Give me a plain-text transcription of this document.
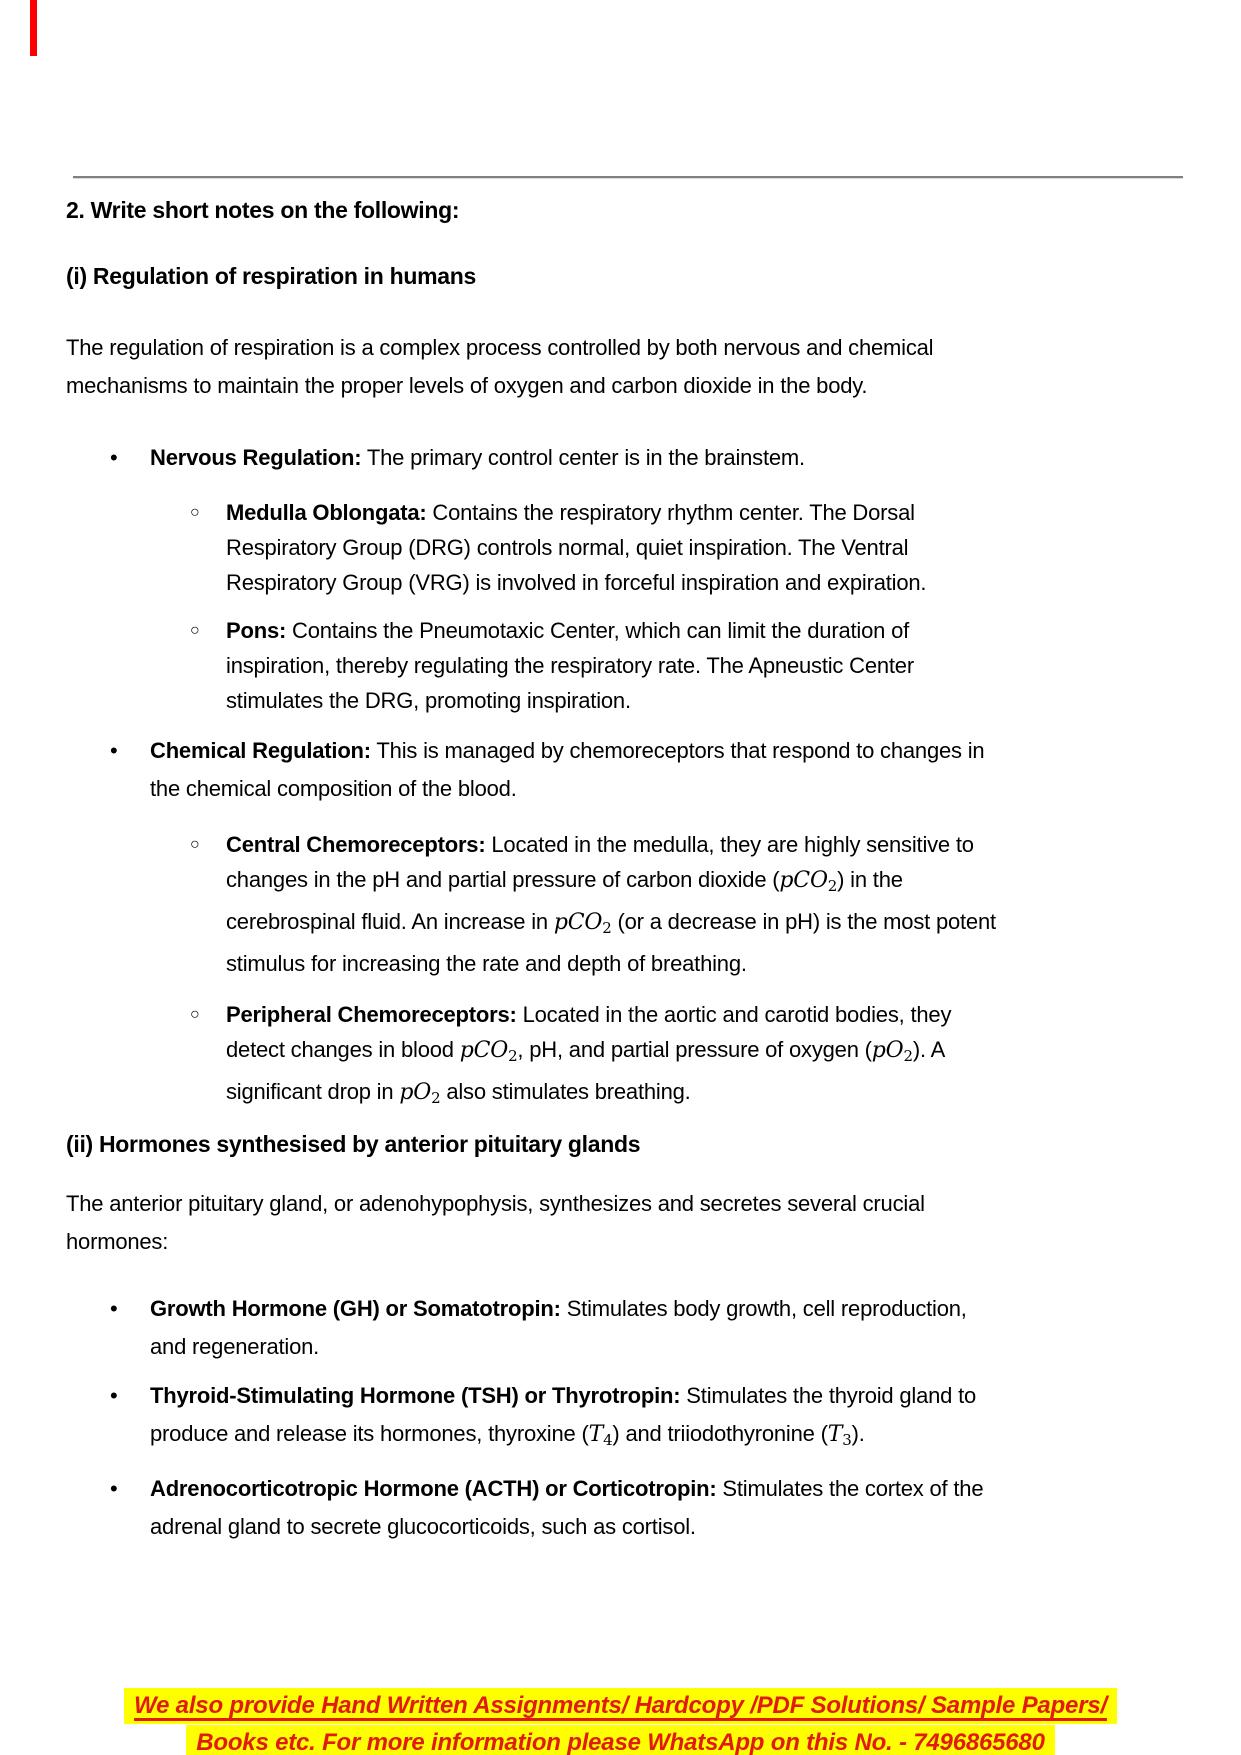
2. Write short notes on the following:
(i) Regulation of respiration in humans
The regulation of respiration is a complex process controlled by both nervous and chemical
mechanisms to maintain the proper levels of oxygen and carbon dioxide in the body.
•	Nervous Regulation: The primary control center is in the brainstem.
○	Medulla Oblongata: Contains the respiratory rhythm center. The Dorsal
Respiratory Group (DRG) controls normal, quiet inspiration. The Ventral
Respiratory Group (VRG) is involved in forceful inspiration and expiration.
○	Pons: Contains the Pneumotaxic Center, which can limit the duration of
inspiration, thereby regulating the respiratory rate. The Apneustic Center
stimulates the DRG, promoting inspiration.
•	Chemical Regulation: This is managed by chemoreceptors that respond to changes in
the chemical composition of the blood.
○	Central Chemoreceptors: Located in the medulla, they are highly sensitive to
changes in the pH and partial pressure of carbon dioxide (pCO2) in the
cerebrospinal fluid. An increase in pCO2 (or a decrease in pH) is the most potent
stimulus for increasing the rate and depth of breathing.
○	Peripheral Chemoreceptors: Located in the aortic and carotid bodies, they
detect changes in blood pCO2, pH, and partial pressure of oxygen (pO2). A
significant drop in pO2 also stimulates breathing.
(ii) Hormones synthesised by anterior pituitary glands
The anterior pituitary gland, or adenohypophysis, synthesizes and secretes several crucial
hormones:
•	Growth Hormone (GH) or Somatotropin: Stimulates body growth, cell reproduction,
and regeneration.
•	Thyroid-Stimulating Hormone (TSH) or Thyrotropin: Stimulates the thyroid gland to
produce and release its hormones, thyroxine (T4) and triiodothyronine (T3).
•	Adrenocorticotropic Hormone (ACTH) or Corticotropin: Stimulates the cortex of the
adrenal gland to secrete glucocorticoids, such as cortisol.
We also provide Hand Written Assignments/ Hardcopy /PDF Solutions/ Sample Papers/
Books etc. For more information please WhatsApp on this No. - 7496865680
